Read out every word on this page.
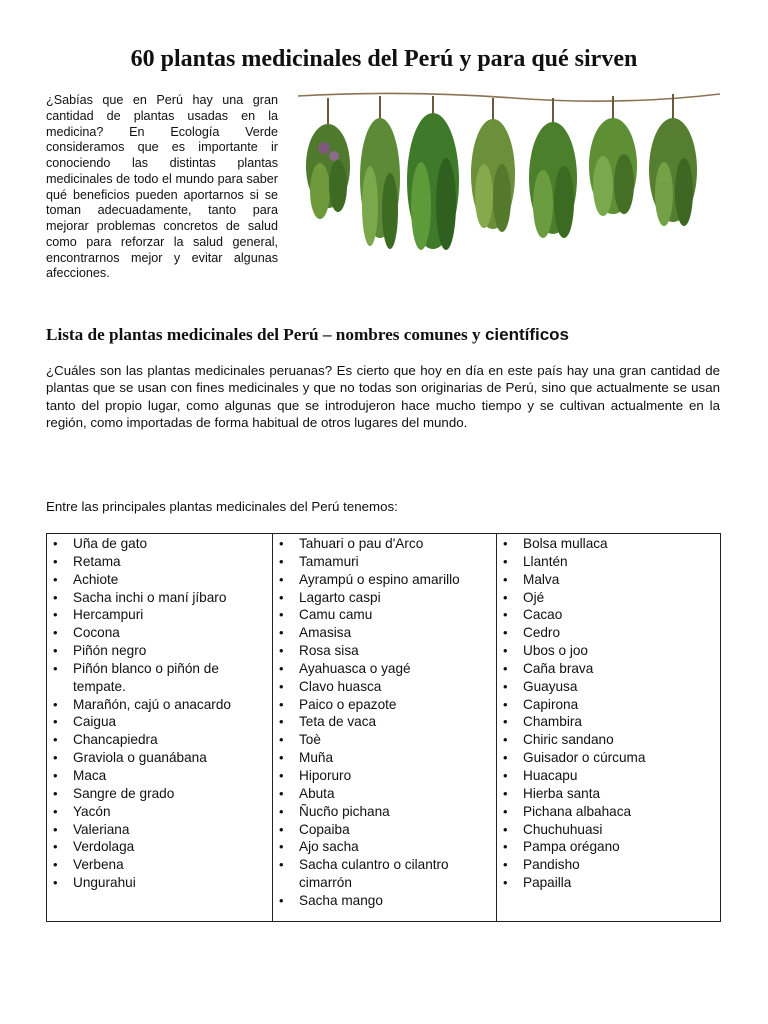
60 plantas medicinales del Perú y para qué sirven

¿Sabías que en Perú hay una gran cantidad de plantas usadas en la medicina? En Ecología Verde consideramos que es importante ir conociendo las distintas plantas medicinales de todo el mundo para saber qué beneficios pueden aportarnos si se toman adecuadamente, tanto para mejorar problemas concretos de salud como para reforzar la salud general, encontrarnos mejor y evitar algunas afecciones.

Lista de plantas medicinales del Perú – nombres comunes y científicos

¿Cuáles son las plantas medicinales peruanas? Es cierto que hoy en día en este país hay una gran cantidad de plantas que se usan con fines medicinales y que no todas son originarias de Perú, sino que actualmente se usan tanto del propio lugar, como algunas que se introdujeron hace mucho tiempo y se cultivan actualmente en la región, como importadas de forma habitual de otros lugares del mundo.

Entre las principales plantas medicinales del Perú tenemos:

• Uña de gato
• Retama
• Achiote
• Sacha inchi o maní jíbaro
• Hercampuri
• Cocona
• Piñón negro
• Piñón blanco o piñón de tempate.
• Marañón, cajú o anacardo
• Caigua
• Chancapiedra
• Graviola o guanábana
• Maca
• Sangre de grado
• Yacón
• Valeriana
• Verdolaga
• Verbena
• Ungurahui
• Tahuari o pau d'Arco
• Tamamuri
• Ayrampú o espino amarillo
• Lagarto caspi
• Camu camu
• Amasisa
• Rosa sisa
• Ayahuasca o yagé
• Clavo huasca
• Paico o epazote
• Teta de vaca
• Toè
• Muña
• Hiporuro
• Abuta
• Ñucño pichana
• Copaiba
• Ajo sacha
• Sacha culantro o cilantro cimarrón
• Sacha mango
• Bolsa mullaca
• Llantén
• Malva
• Ojé
• Cacao
• Cedro
• Ubos o joo
• Caña brava
• Guayusa
• Capirona
• Chambira
• Chiric sandano
• Guisador o cúrcuma
• Huacapu
• Hierba santa
• Pichana albahaca
• Chuchuhuasi
• Pampa orégano
• Pandisho
• Papailla
